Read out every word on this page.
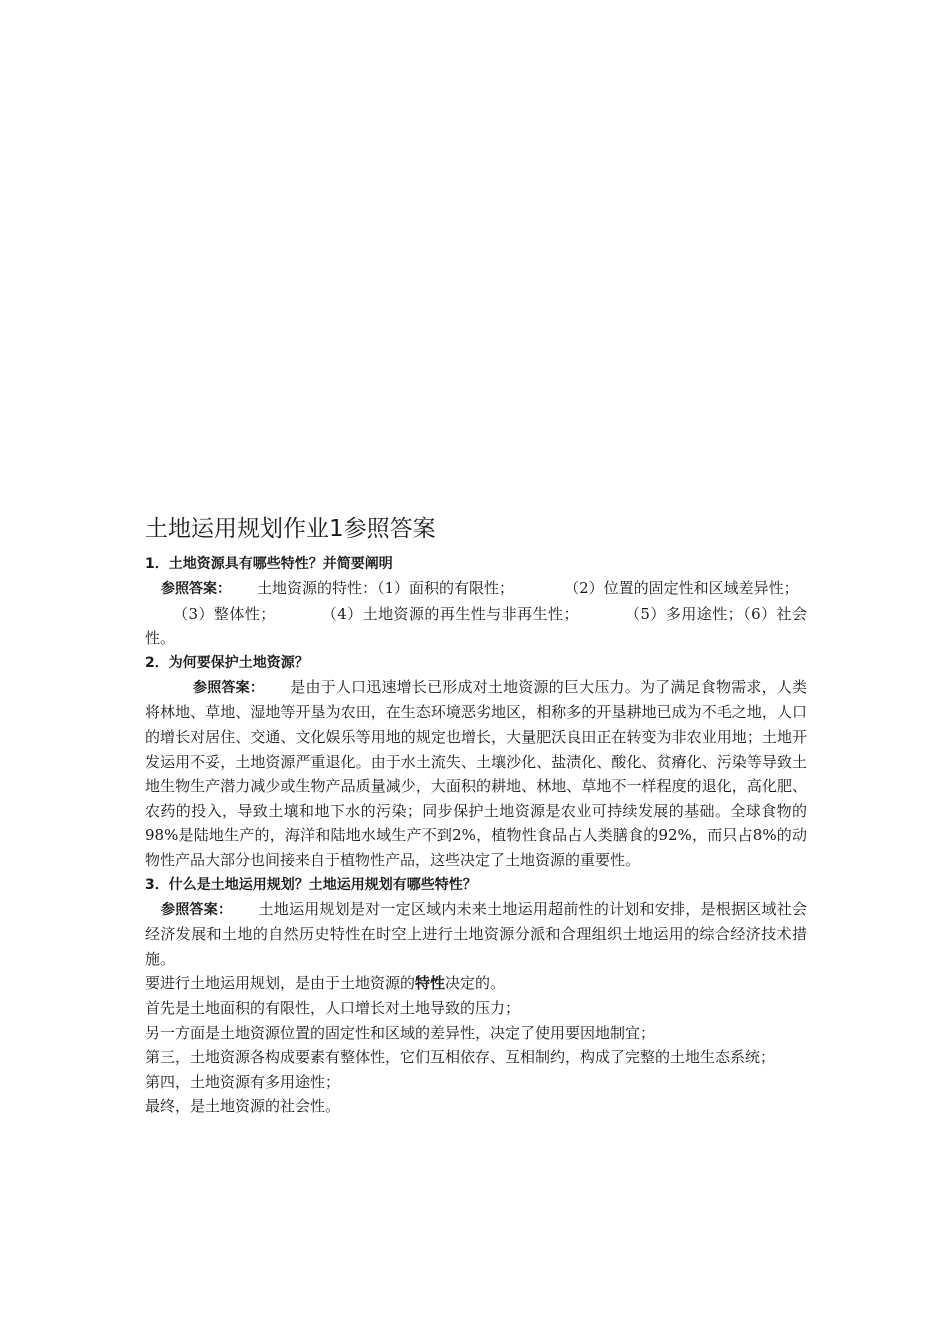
土地运用规划作业1参照答案

1．土地资源具有哪些特性？并简要阐明

参照答案： 土地资源的特性：（1）面积的有限性；	（2）位置的固定性和区域差异性；

（3）整体性；	（4）土地资源的再生性与非再生性；	（5）多用途性；（6）社会性。

2．为何要保护土地资源？

参照答案： 是由于人口迅速增长已形成对土地资源的巨大压力。为了满足食物需求，人类将林地、草地、湿地等开垦为农田，在生态环境恶劣地区，相称多的开垦耕地已成为不毛之地，人口的增长对居住、交通、文化娱乐等用地的规定也增长，大量肥沃良田正在转变为非农业用地；土地开发运用不妥，土地资源严重退化。由于水土流失、土壤沙化、盐渍化、酸化、贫瘠化、污染等导致土地生物生产潜力减少或生物产品质量减少，大面积的耕地、林地、草地不一样程度的退化，高化肥、农药的投入，导致土壤和地下水的污染；同步保护土地资源是农业可持续发展的基础。全球食物的98%是陆地生产的，海洋和陆地水域生产不到2%，植物性食品占人类膳食的92%，而只占8%的动物性产品大部分也间接来自于植物性产品，这些决定了土地资源的重要性。

3．什么是土地运用规划？土地运用规划有哪些特性？

参照答案： 土地运用规划是对一定区域内未来土地运用超前性的计划和安排，是根据区域社会经济发展和土地的自然历史特性在时空上进行土地资源分派和合理组织土地运用的综合经济技术措施。

要进行土地运用规划，是由于土地资源的特性决定的。

首先是土地面积的有限性，人口增长对土地导致的压力；

另一方面是土地资源位置的固定性和区域的差异性，决定了使用要因地制宜；

第三，土地资源各构成要素有整体性，它们互相依存、互相制约，构成了完整的土地生态系统；

第四，土地资源有多用途性；

最终，是土地资源的社会性。
